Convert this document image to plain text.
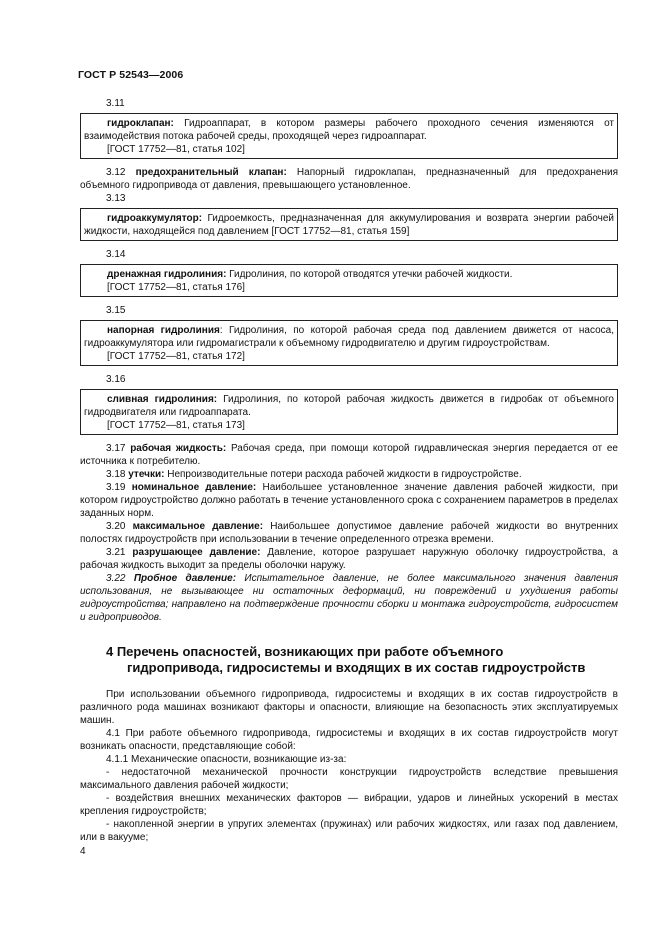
ГОСТ Р 52543—2006
3.11

гидроклапан: Гидроаппарат, в котором размеры рабочего проходного сечения изменяются от взаимодействия потока рабочей среды, проходящей через гидроаппарат.

[ГОСТ 17752—81, статья 102]

3.12 предохранительный клапан: Напорный гидроклапан, предназначенный для предохранения объемного гидропривода от давления, превышающего установленное.

3.13

гидроаккумулятор: Гидроемкость, предназначенная для аккумулирования и возврата энергии рабочей жидкости, находящейся под давлением [ГОСТ 17752—81, статья 159]

3.14

дренажная гидролиния: Гидролиния, по которой отводятся утечки рабочей жидкости.

[ГОСТ 17752—81, статья 176]

3.15

напорная гидролиния: Гидролиния, по которой рабочая среда под давлением движется от насоса, гидроаккумулятора или гидромагистрали к объемному гидродвигателю и другим гидроустройствам.

[ГОСТ 17752—81, статья 172]

3.16

сливная гидролиния: Гидролиния, по которой рабочая жидкость движется в гидробак от объемного гидродвигателя или гидроаппарата.

[ГОСТ 17752—81, статья 173]

3.17 рабочая жидкость: Рабочая среда, при помощи которой гидравлическая энергия передается от ее источника к потребителю.

3.18 утечки: Непроизводительные потери расхода рабочей жидкости в гидроустройстве.

3.19 номинальное давление: Наибольшее установленное значение давления рабочей жидкости, при котором гидроустройство должно работать в течение установленного срока с сохранением параметров в пределах заданных норм.

3.20 максимальное давление: Наибольшее допустимое давление рабочей жидкости во внутренних полостях гидроустройств при использовании в течение определенного отрезка времени.

3.21 разрушающее давление: Давление, которое разрушает наружную оболочку гидроустройства, а рабочая жидкость выходит за пределы оболочки наружу.

3.22 Пробное давление: Испытательное давление, не более максимального значения давления использования, не вызывающее ни остаточных деформаций, ни повреждений и ухудшения работы гидроустройства; направлено на подтверждение прочности сборки и монтажа гидроустройств, гидросистем и гидроприводов.

4 Перечень опасностей, возникающих при работе объемного
гидропривода, гидросистемы и входящих в их состав гидроустройств

При использовании объемного гидропривода, гидросистемы и входящих в их состав гидроустройств в различного рода машинах возникают факторы и опасности, влияющие на безопасность этих эксплуатируемых машин.

4.1 При работе объемного гидропривода, гидросистемы и входящих в их состав гидроустройств могут возникать опасности, представляющие собой:

4.1.1 Механические опасности, возникающие из-за:

- недостаточной механической прочности конструкции гидроустройств вследствие превышения максимального давления рабочей жидкости;

- воздействия внешних механических факторов — вибрации, ударов и линейных ускорений в местах крепления гидроустройств;

- накопленной энергии в упругих элементах (пружинах) или рабочих жидкостях, или газах под давлением, или в вакууме;

4
